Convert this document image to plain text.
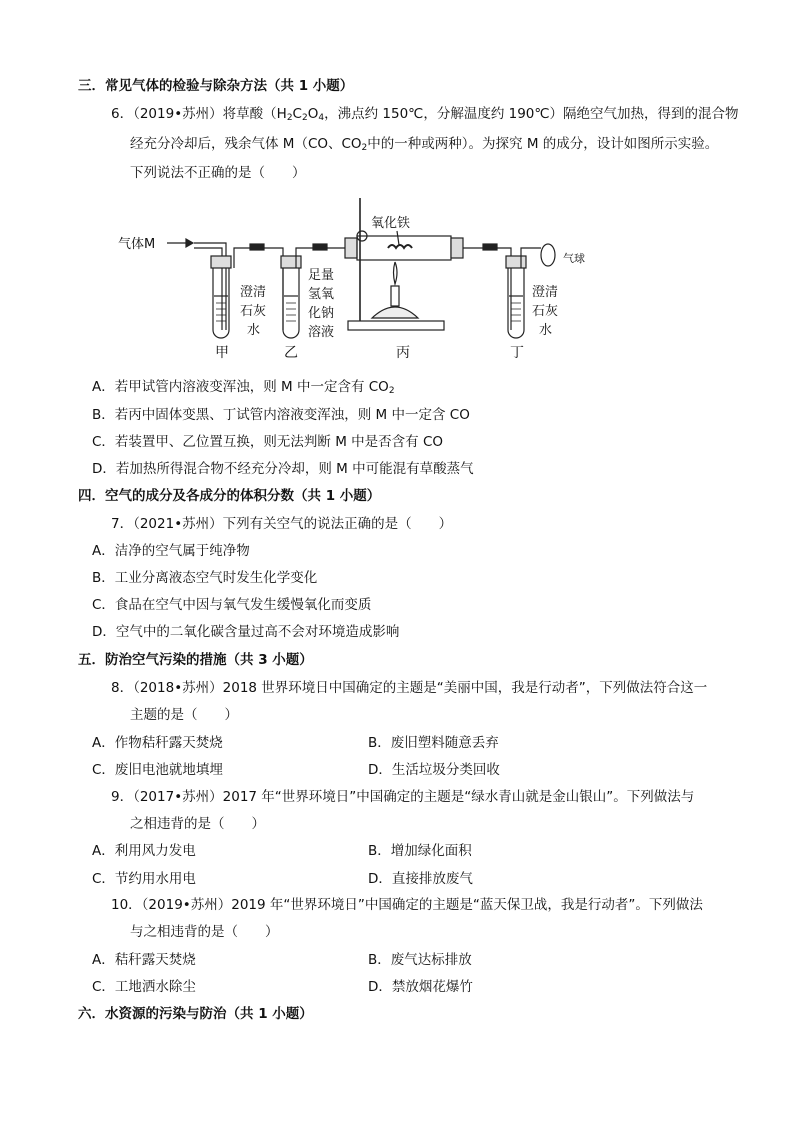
三．常见气体的检验与除杂方法（共 1 小题）
6．（2019•苏州）将草酸（$H_2C_2O_4$，沸点约 150℃，分解温度约 190℃）隔绝空气加热，得到的混合物
经充分冷却后，残余气体 M（CO、$CO_2$中的一种或两种）。为探究 M 的成分，设计如图所示实验。
下列说法不正确的是（　　）
气体M
氧化铁
气球
澄清
石灰
水
足量
氢氧
化钠
溶液
澄清
石灰
水
甲	乙	丙	丁
A．若甲试管内溶液变浑浊，则 M 中一定含有 $CO_2$
B．若丙中固体变黑、丁试管内溶液变浑浊，则 M 中一定含 CO
C．若装置甲、乙位置互换，则无法判断 M 中是否含有 CO
D．若加热所得混合物不经充分冷却，则 M 中可能混有草酸蒸气
四．空气的成分及各成分的体积分数（共 1 小题）
7．（2021•苏州）下列有关空气的说法正确的是（　　）
A．洁净的空气属于纯净物
B．工业分离液态空气时发生化学变化
C．食品在空气中因与氧气发生缓慢氧化而变质
D．空气中的二氧化碳含量过高不会对环境造成影响
五．防治空气污染的措施（共 3 小题）
8．（2018•苏州）2018 世界环境日中国确定的主题是“美丽中国，我是行动者”，下列做法符合这一
主题的是（　　）
A．作物秸秆露天焚烧	B．废旧塑料随意丢弃
C．废旧电池就地填埋	D．生活垃圾分类回收
9．（2017•苏州）2017 年“世界环境日”中国确定的主题是“绿水青山就是金山银山”。下列做法与
之相违背的是（　　）
A．利用风力发电	B．增加绿化面积
C．节约用水用电	D．直接排放废气
10．（2019•苏州）2019 年“世界环境日”中国确定的主题是“蓝天保卫战，我是行动者”。下列做法
与之相违背的是（　　）
A．秸秆露天焚烧	B．废气达标排放
C．工地洒水除尘	D．禁放烟花爆竹
六．水资源的污染与防治（共 1 小题）
